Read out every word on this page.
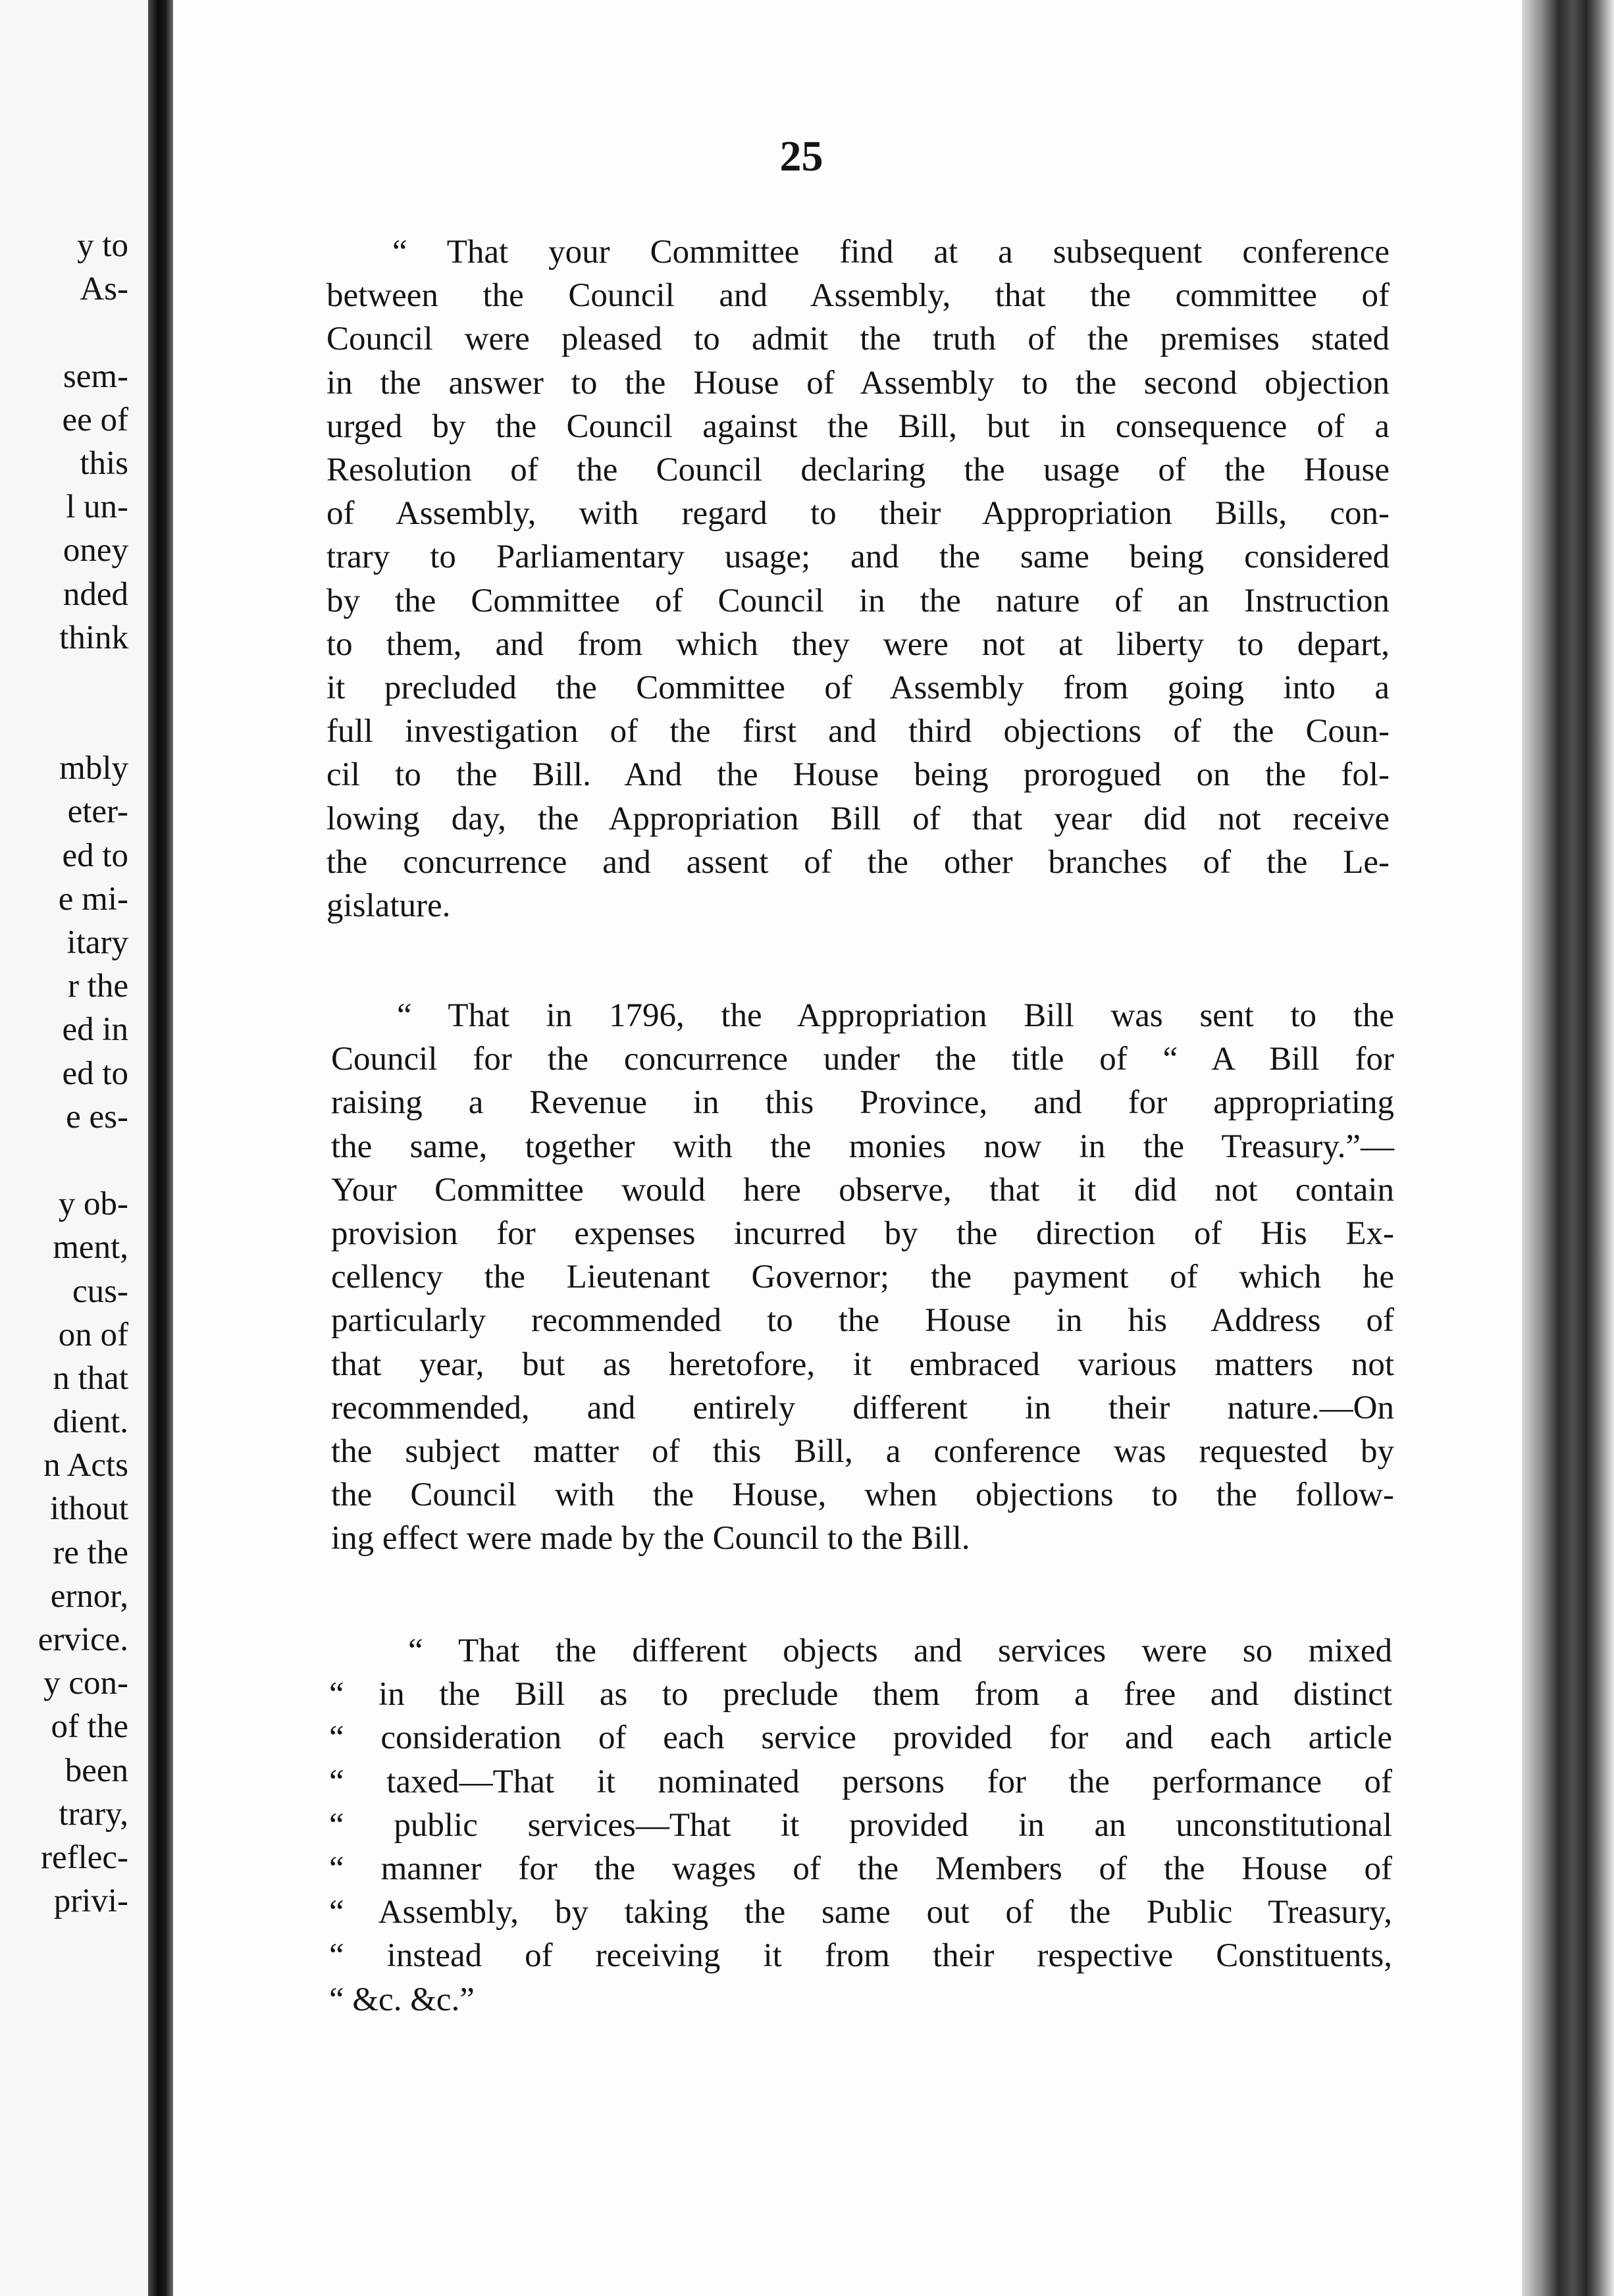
y to
As-
sem-
ee of
this
l un-
oney
nded
think
mbly
eter-
ed to
e mi-
itary
r the
ed in
ed to
e es-
y ob-
ment,
cus-
on of
n that
dient.
n Acts
ithout
re the
ernor,
ervice.
y con-
of the
been
trary,
reflec-
privi-
25

“ That your Committee find at a subsequent conference
between the Council and Assembly, that the committee of
Council were pleased to admit the truth of the premises stated
in the answer to the House of Assembly to the second objection
urged by the Council against the Bill, but in consequence of a
Resolution of the Council declaring the usage of the House
of Assembly, with regard to their Appropriation Bills, con-
trary to Parliamentary usage; and the same being considered
by the Committee of Council in the nature of an Instruction
to them, and from which they were not at liberty to depart,
it precluded the Committee of Assembly from going into a
full investigation of the first and third objections of the Coun-
cil to the Bill. And the House being prorogued on the fol-
lowing day, the Appropriation Bill of that year did not receive
the concurrence and assent of the other branches of the Le-
gislature.

“ That in 1796, the Appropriation Bill was sent to the
Council for the concurrence under the title of “ A Bill for
raising a Revenue in this Province, and for appropriating
the same, together with the monies now in the Treasury.”—
Your Committee would here observe, that it did not contain
provision for expenses incurred by the direction of His Ex-
cellency the Lieutenant Governor; the payment of which he
particularly recommended to the House in his Address of
that year, but as heretofore, it embraced various matters not
recommended, and entirely different in their nature.—On
the subject matter of this Bill, a conference was requested by
the Council with the House, when objections to the follow-
ing effect were made by the Council to the Bill.

“ That the different objects and services were so mixed
“ in the Bill as to preclude them from a free and distinct
“ consideration of each service provided for and each article
“ taxed—That it nominated persons for the performance of
“ public services—That it provided in an unconstitutional
“ manner for the wages of the Members of the House of
“ Assembly, by taking the same out of the Public Treasury,
“ instead of receiving it from their respective Constituents,
“ &c. &c.”
